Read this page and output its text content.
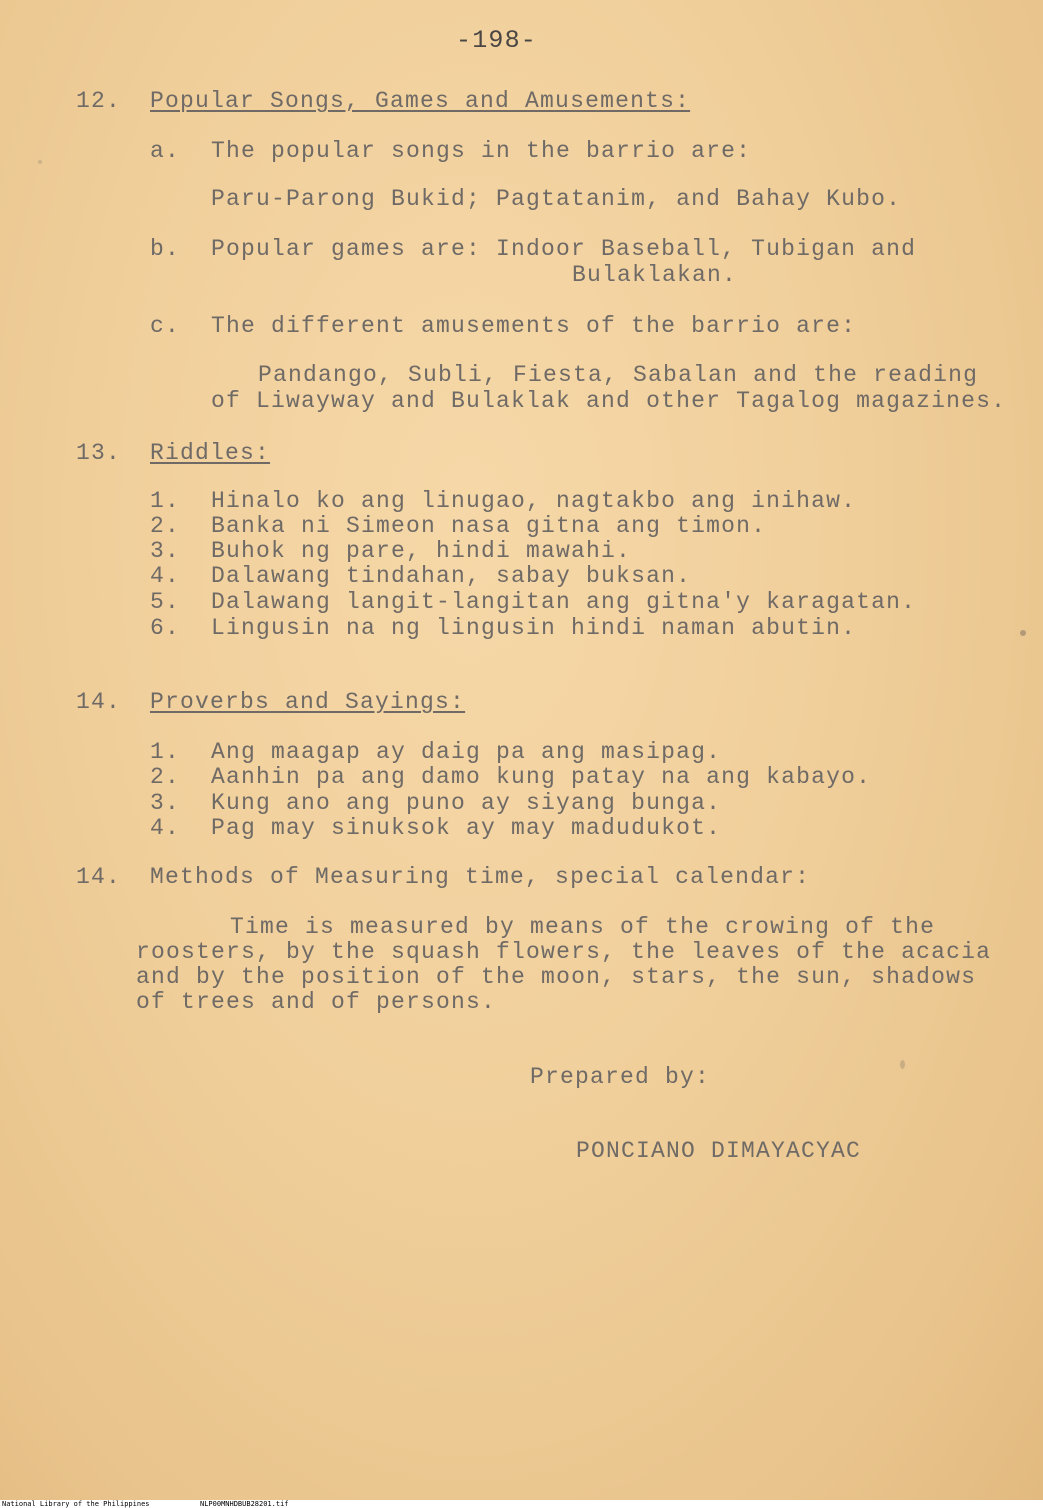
-198-
12. Popular Songs, Games and Amusements:
a. The popular songs in the barrio are:
Paru-Parong Bukid; Pagtatanim, and Bahay Kubo.
b. Popular games are: Indoor Baseball, Tubigan and
Bulaklakan.
c. The different amusements of the barrio are:
Pandango, Subli, Fiesta, Sabalan and the reading
of Liwayway and Bulaklak and other Tagalog magazines.
13. Riddles:
1. Hinalo ko ang linugao, nagtakbo ang inihaw.
2. Banka ni Simeon nasa gitna ang timon.
3. Buhok ng pare, hindi mawahi.
4. Dalawang tindahan, sabay buksan.
5. Dalawang langit-langitan ang gitna'y karagatan.
6. Lingusin na ng lingusin hindi naman abutin.
14. Proverbs and Sayings:
1. Ang maagap ay daig pa ang masipag.
2. Aanhin pa ang damo kung patay na ang kabayo.
3. Kung ano ang puno ay siyang bunga.
4. Pag may sinuksok ay may madudukot.
14. Methods of Measuring time, special calendar:
Time is measured by means of the crowing of the
roosters, by the squash flowers, the leaves of the acacia
and by the position of the moon, stars, the sun, shadows
of trees and of persons.
Prepared by:
PONCIANO DIMAYACYAC
National Library of the Philippines	NLP00MNHDBUB28201.tif
